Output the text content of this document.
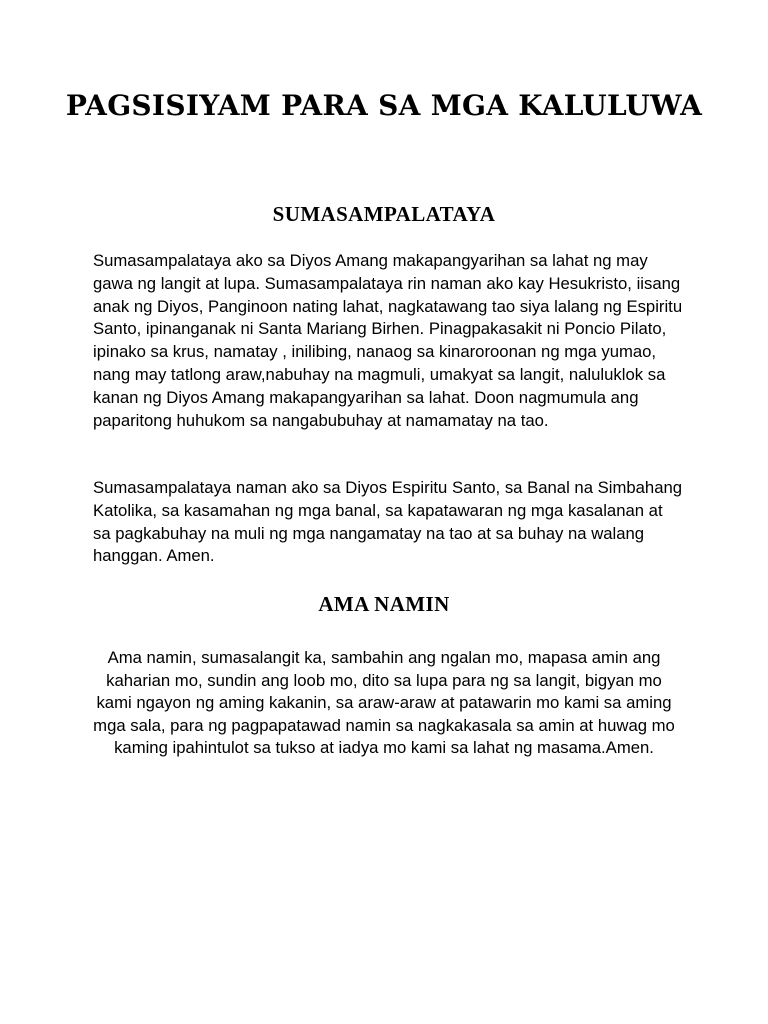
PAGSISIYAM PARA SA MGA KALULUWA
SUMASAMPALATAYA

Sumasampalataya ako sa Diyos Amang makapangyarihan sa lahat ng may gawa ng langit at lupa. Sumasampalataya rin naman ako kay Hesukristo, iisang anak ng Diyos, Panginoon nating lahat, nagkatawang tao siya lalang ng Espiritu Santo, ipinanganak ni Santa Mariang Birhen. Pinagpakasakit ni Poncio Pilato, ipinako sa krus, namatay , inilibing, nanaog sa kinaroroonan ng mga yumao, nang may tatlong araw,nabuhay na magmuli, umakyat sa langit, naluluklok sa kanan ng Diyos Amang makapangyarihan sa lahat. Doon nagmumula ang paparitong huhukom sa nangabubuhay at namamatay na tao.

Sumasampalataya naman ako sa Diyos Espiritu Santo, sa Banal na Simbahang Katolika, sa kasamahan ng mga banal, sa kapatawaran ng mga kasalanan at sa pagkabuhay na muli ng mga nangamatay na tao at sa buhay na walang hanggan. Amen.

AMA NAMIN

Ama namin, sumasalangit ka, sambahin ang ngalan mo, mapasa amin ang kaharian mo, sundin ang loob mo, dito sa lupa para ng sa langit, bigyan mo kami ngayon ng aming kakanin, sa araw-araw at patawarin mo kami sa aming mga sala, para ng pagpapatawad namin sa nagkakasala sa amin at huwag mo kaming ipahintulot sa tukso at iadya mo kami sa lahat ng masama.Amen.
